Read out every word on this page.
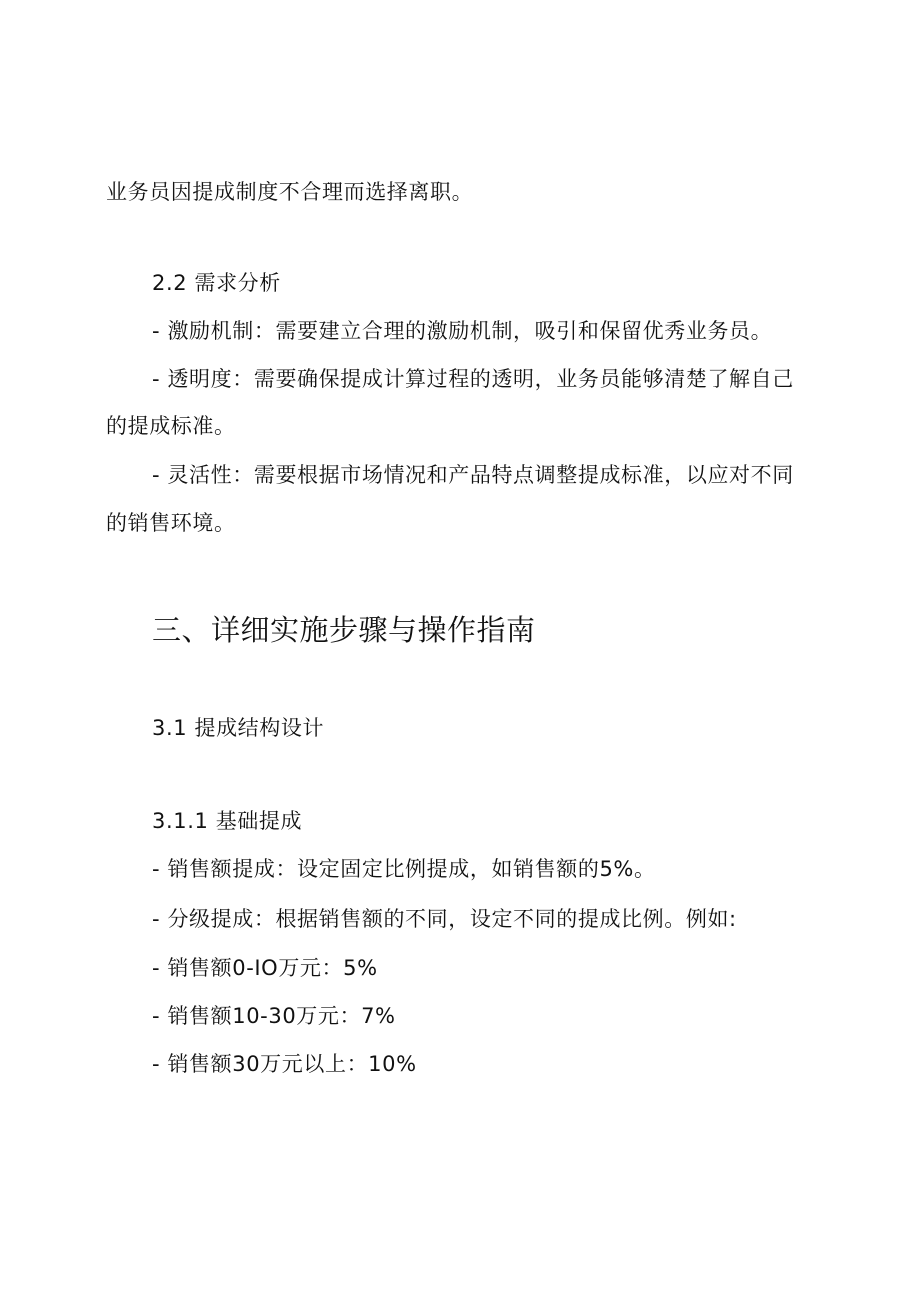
业务员因提成制度不合理而选择离职。
2.2 需求分析
- 激励机制：需要建立合理的激励机制，吸引和保留优秀业务员。
- 透明度：需要确保提成计算过程的透明，业务员能够清楚了解自己
的提成标准。
- 灵活性：需要根据市场情况和产品特点调整提成标准，以应对不同
的销售环境。
三、详细实施步骤与操作指南
3.1 提成结构设计
3.1.1 基础提成
- 销售额提成：设定固定比例提成，如销售额的5%。
- 分级提成：根据销售额的不同，设定不同的提成比例。例如:
- 销售额0-IO万元：5%
- 销售额10-30万元：7%
- 销售额30万元以上：10%
